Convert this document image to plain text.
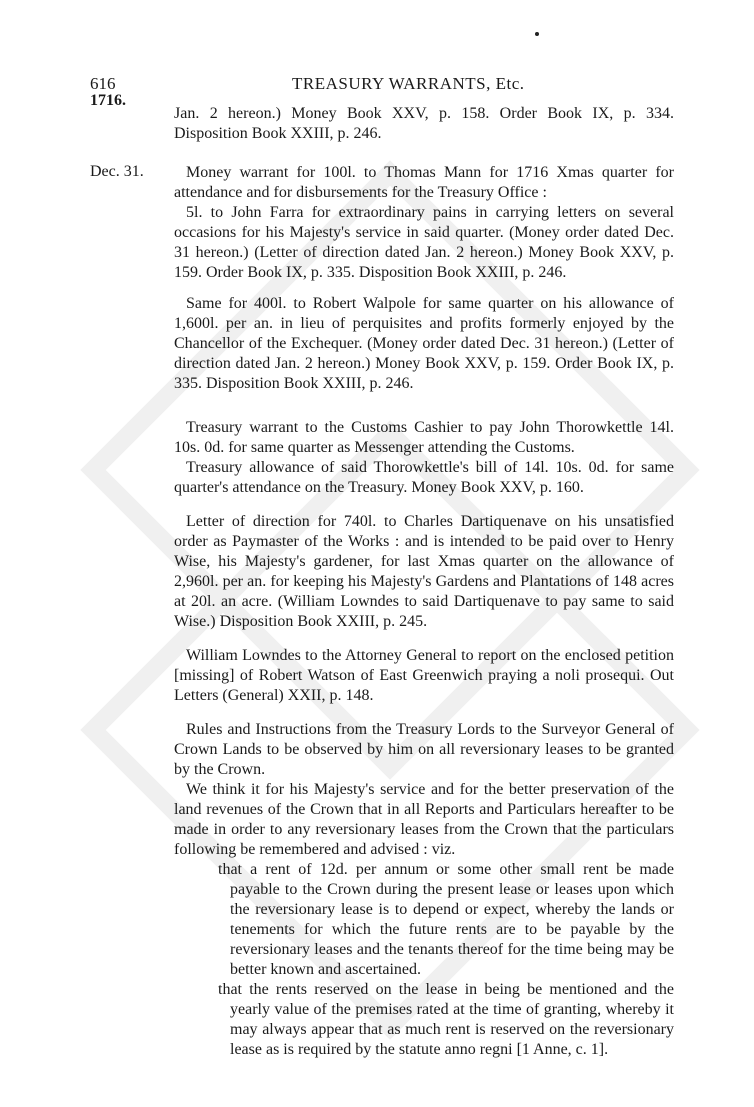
616
1716.
TREASURY WARRANTS, Etc.

Jan. 2 hereon.) Money Book XXV, p. 158. Order Book IX, p. 334. Disposition Book XXIII, p. 246.

Dec. 31.	Money warrant for 100l. to Thomas Mann for 1716 Xmas quarter for attendance and for disbursements for the Treasury Office :

5l. to John Farra for extraordinary pains in carrying letters on several occasions for his Majesty's service in said quarter. (Money order dated Dec. 31 hereon.) (Letter of direction dated Jan. 2 hereon.) Money Book XXV, p. 159. Order Book IX, p. 335. Disposition Book XXIII, p. 246.

Same for 400l. to Robert Walpole for same quarter on his allowance of 1,600l. per an. in lieu of perquisites and profits formerly enjoyed by the Chancellor of the Exchequer. (Money order dated Dec. 31 hereon.) (Letter of direction dated Jan. 2 hereon.) Money Book XXV, p. 159. Order Book IX, p. 335. Disposition Book XXIII, p. 246.

Treasury warrant to the Customs Cashier to pay John Thorowkettle 14l. 10s. 0d. for same quarter as Messenger attending the Customs.

Treasury allowance of said Thorowkettle's bill of 14l. 10s. 0d. for same quarter's attendance on the Treasury. Money Book XXV, p. 160.

Letter of direction for 740l. to Charles Dartiquenave on his unsatisfied order as Paymaster of the Works : and is intended to be paid over to Henry Wise, his Majesty's gardener, for last Xmas quarter on the allowance of 2,960l. per an. for keeping his Majesty's Gardens and Plantations of 148 acres at 20l. an acre. (William Lowndes to said Dartiquenave to pay same to said Wise.) Disposition Book XXIII, p. 245.

William Lowndes to the Attorney General to report on the enclosed petition [missing] of Robert Watson of East Greenwich praying a noli prosequi. Out Letters (General) XXII, p. 148.

Rules and Instructions from the Treasury Lords to the Surveyor General of Crown Lands to be observed by him on all reversionary leases to be granted by the Crown.

We think it for his Majesty's service and for the better preservation of the land revenues of the Crown that in all Reports and Particulars hereafter to be made in order to any reversionary leases from the Crown that the particulars following be remembered and advised : viz.

that a rent of 12d. per annum or some other small rent be made payable to the Crown during the present lease or leases upon which the reversionary lease is to depend or expect, whereby the lands or tenements for which the future rents are to be payable by the reversionary leases and the tenants thereof for the time being may be better known and ascertained.

that the rents reserved on the lease in being be mentioned and the yearly value of the premises rated at the time of granting, whereby it may always appear that as much rent is reserved on the reversionary lease as is required by the statute anno regni [1 Anne, c. 1].
